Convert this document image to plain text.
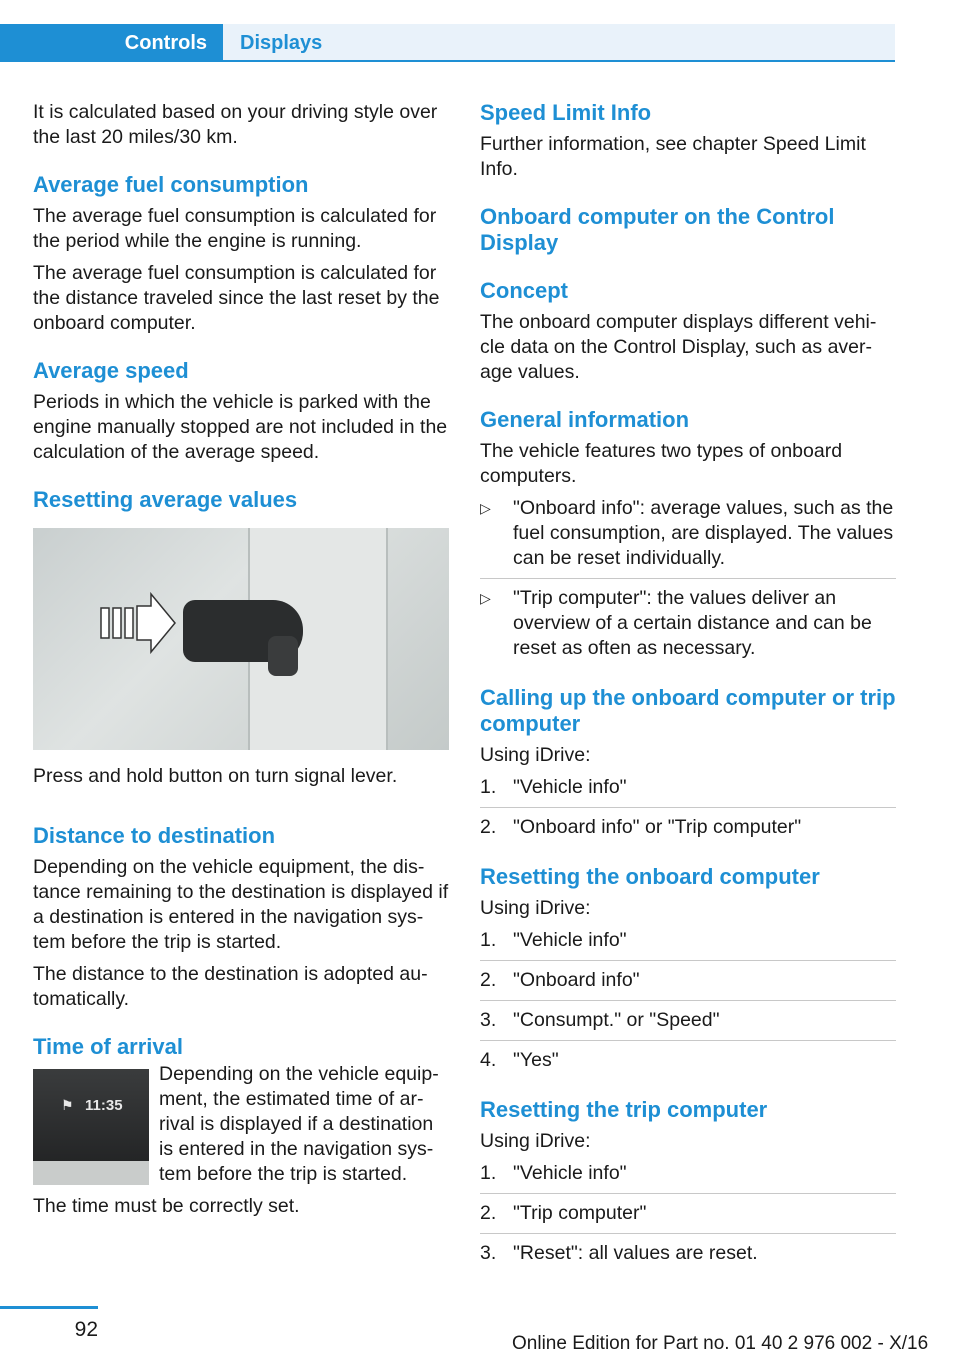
Controls	Displays

It is calculated based on your driving style over the last 20 miles/30 km.

Average fuel consumption

The average fuel consumption is calculated for the period while the engine is running.

The average fuel consumption is calculated for the distance traveled since the last reset by the onboard computer.

Average speed

Periods in which the vehicle is parked with the engine manually stopped are not included in the calculation of the average speed.

Resetting average values

Press and hold button on turn signal lever.

Distance to destination

Depending on the vehicle equipment, the dis‐tance remaining to the destination is displayed if a destination is entered in the navigation sys‐tem before the trip is started.

The distance to the destination is adopted au‐tomatically.

Time of arrival
⚑ 11:35

Depending on the vehicle equip‐ment, the estimated time of ar‐rival is displayed if a destination is entered in the navigation sys‐tem before the trip is started.

The time must be correctly set.

Speed Limit Info

Further information, see chapter Speed Limit Info.

Onboard computer on the Control Display
Concept

The onboard computer displays different vehi‐cle data on the Control Display, such as aver‐age values.

General information

The vehicle features two types of onboard computers.

▷ "Onboard info": average values, such as the fuel consumption, are displayed. The values can be reset individually.
▷ "Trip computer": the values deliver an overview of a certain distance and can be reset as often as necessary.
Calling up the onboard computer or trip computer

Using iDrive:

1. "Vehicle info"
2. "Onboard info" or "Trip computer"
Resetting the onboard computer

Using iDrive:

1. "Vehicle info"
2. "Onboard info"
3. "Consumpt." or "Speed"
4. "Yes"
Resetting the trip computer

Using iDrive:

1. "Vehicle info"
2. "Trip computer"
3. "Reset": all values are reset.
92
Online Edition for Part no. 01 40 2 976 002 - X/16
